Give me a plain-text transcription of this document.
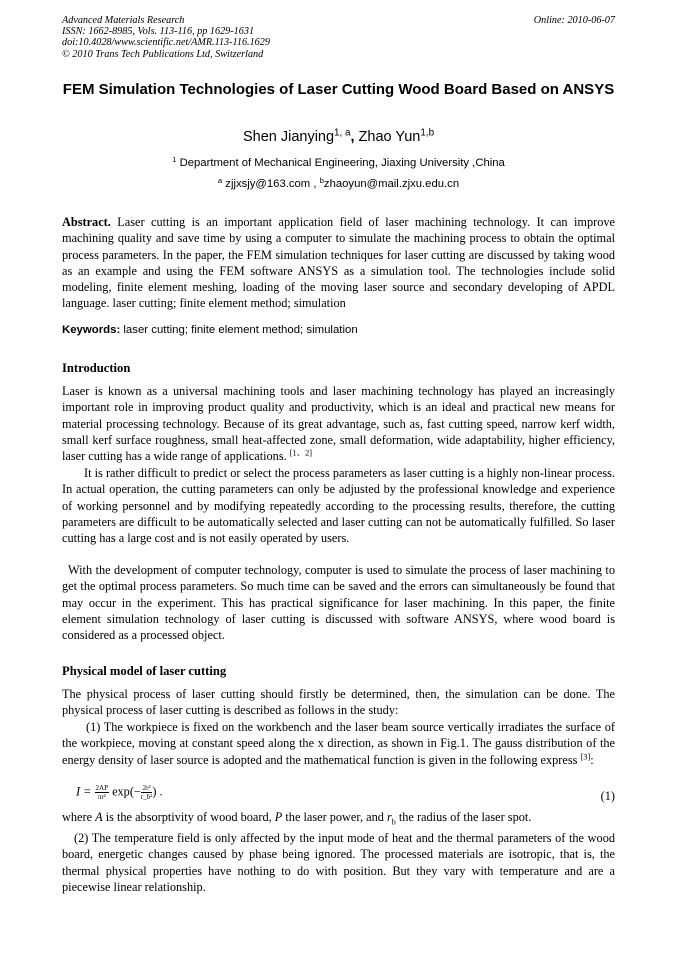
Advanced Materials Research
ISSN: 1662-8985, Vols. 113-116, pp 1629-1631
doi:10.4028/www.scientific.net/AMR.113-116.1629
© 2010 Trans Tech Publications Ltd, Switzerland
Online: 2010-06-07
FEM Simulation Technologies of Laser Cutting Wood Board Based on ANSYS
Shen Jianying$^{1, a}$, Zhao Yun$^{1,b}$
$^1$ Department of Mechanical Engineering, Jiaxing University ,China
$^a$ zjjxsjy@163.com , $^b$zhaoyun@mail.zjxu.edu.cn
Abstract. Laser cutting is an important application field of laser machining technology. It can improve machining quality and save time by using a computer to simulate the machining process to obtain the optimal process parameters. In the paper, the FEM simulation techniques for laser cutting are discussed by taking wood as an example and using the FEM software ANSYS as a simulation tool. The technologies include solid modeling, finite element meshing, loading of the moving laser source and secondary developing of APDL language. laser cutting; finite element method; simulation
Keywords: laser cutting; finite element method; simulation
Introduction
Laser is known as a universal machining tools and laser machining technology has played an increasingly important role in improving product quality and productivity, which is an ideal and practical new means for material processing technology. Because of its great advantage, such as, fast cutting speed, narrow kerf width, small kerf surface roughness, small heat-affected zone, small deformation, wide adaptability, higher efficiency, laser cutting has a wide range of applications. [1、2]
It is rather difficult to predict or select the process parameters as laser cutting is a highly non-linear process. In actual operation, the cutting parameters can only be adjusted by the professional knowledge and experience of working personnel and by modifying repeatedly according to the processing results, therefore, the cutting parameters are difficult to be automatically selected and laser cutting can not be automatically fulfilled. So laser cutting has a large cost and is not easily operated by users.
With the development of computer technology, computer is used to simulate the process of laser machining to get the optimal process parameters. So much time can be saved and the errors can simultaneously be found that may occur in the experiment. This has practical significance for laser machining. In this paper, the finite element simulation technology of laser cutting is discussed with software ANSYS, where wood board is considered as a processed object.
Physical model of laser cutting
The physical process of laser cutting should firstly be determined, then, the simulation can be done. The physical process of laser cutting is described as follows in the study:
(1) The workpiece is fixed on the workbench and the laser beam source vertically irradiates the surface of the workpiece, moving at constant speed along the x direction, as shown in Fig.1. The gauss distribution of the energy density of laser source is adopted and the mathematical function is given in the following express [3]:
$I = \frac{2AP}{\text{πr²}} \exp(- \frac{\text{2r²}}{\text{r\_b²}}$ ) .	(1)
where A is the absorptivity of wood board, P the laser power, and $r_b$ the radius of the laser spot.
(2) The temperature field is only affected by the input mode of heat and the thermal parameters of the wood board, energetic changes caused by phase being ignored. The processed materials are isotropic, that is, the thermal physical properties have nothing to do with position. But they vary with temperature and are a piecewise linear relationship.
